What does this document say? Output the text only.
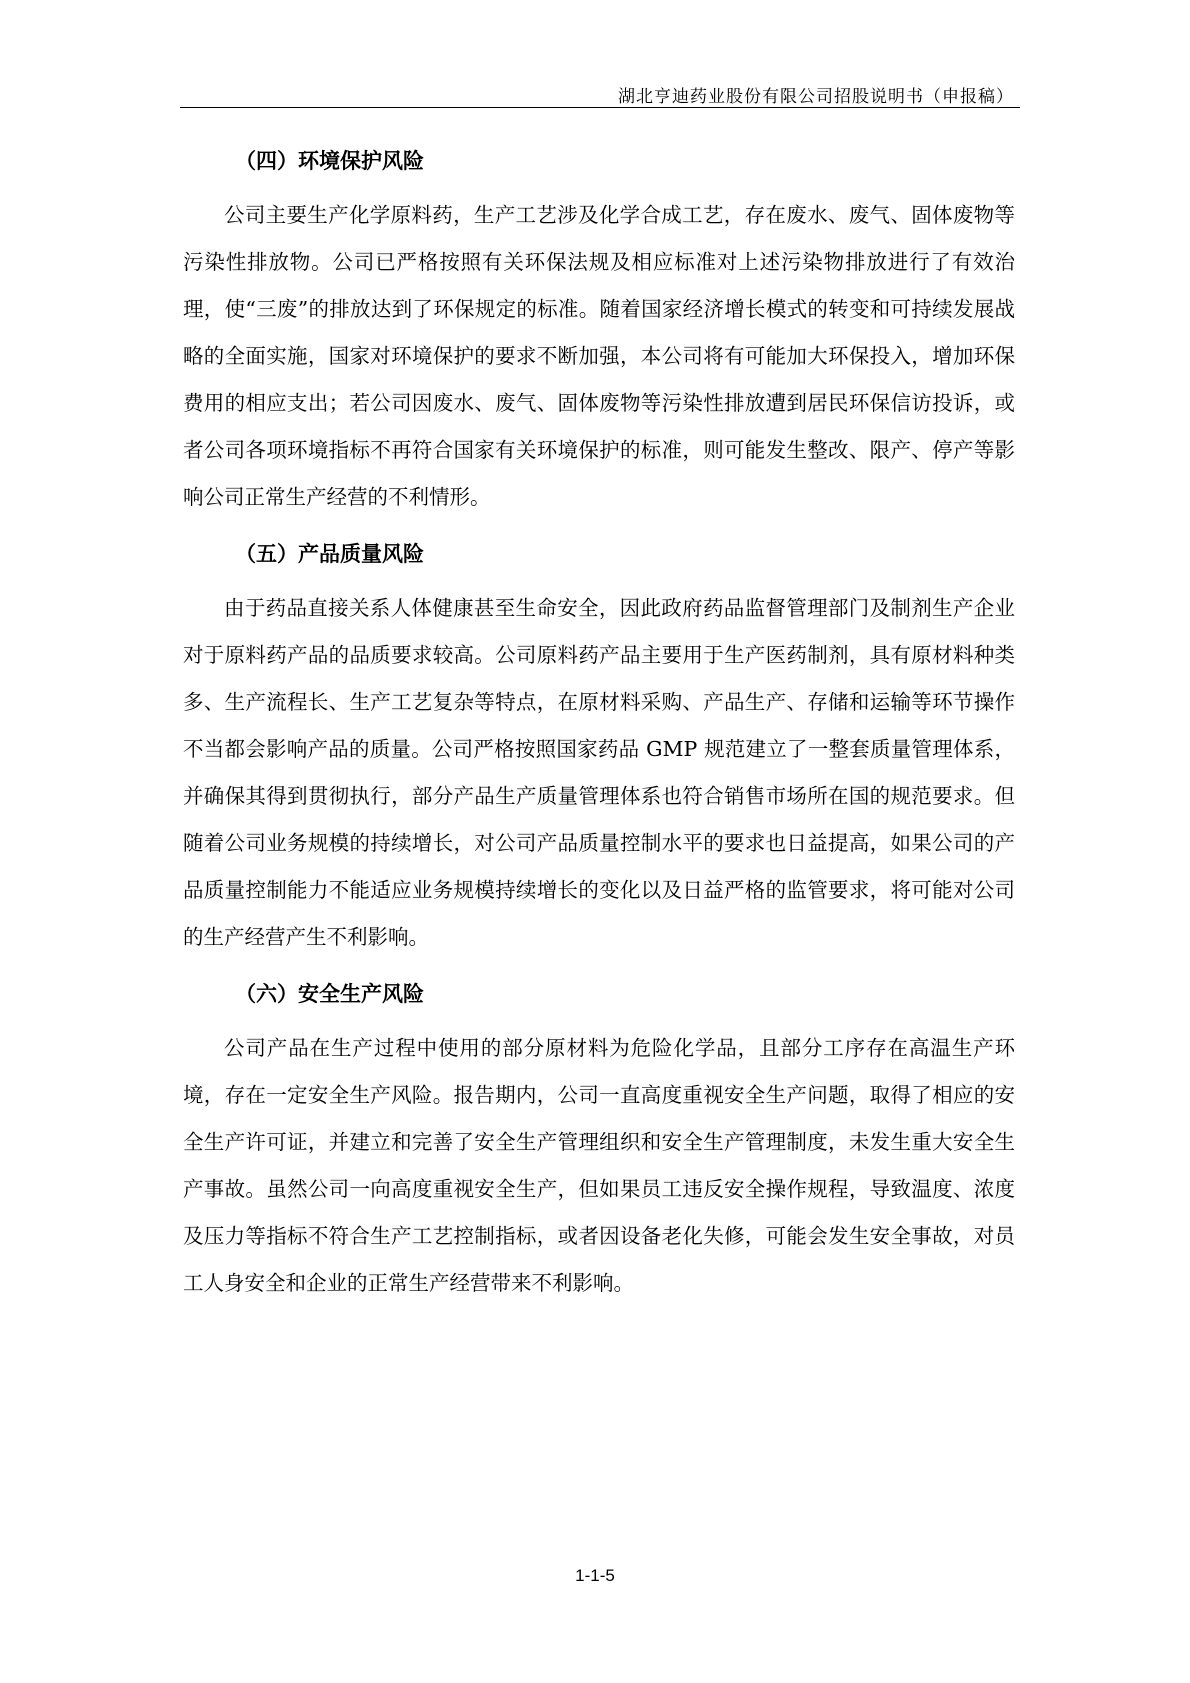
湖北亨迪药业股份有限公司招股说明书（申报稿）
（四）环境保护风险

公司主要生产化学原料药，生产工艺涉及化学合成工艺，存在废水、废气、固体废物等污染性排放物。公司已严格按照有关环保法规及相应标准对上述污染物排放进行了有效治理，使“三废”的排放达到了环保规定的标准。随着国家经济增长模式的转变和可持续发展战略的全面实施，国家对环境保护的要求不断加强，本公司将有可能加大环保投入，增加环保费用的相应支出；若公司因废水、废气、固体废物等污染性排放遭到居民环保信访投诉，或者公司各项环境指标不再符合国家有关环境保护的标准，则可能发生整改、限产、停产等影响公司正常生产经营的不利情形。

（五）产品质量风险

由于药品直接关系人体健康甚至生命安全，因此政府药品监督管理部门及制剂生产企业对于原料药产品的品质要求较高。公司原料药产品主要用于生产医药制剂，具有原材料种类多、生产流程长、生产工艺复杂等特点，在原材料采购、产品生产、存储和运输等环节操作不当都会影响产品的质量。公司严格按照国家药品 GMP 规范建立了一整套质量管理体系，并确保其得到贯彻执行，部分产品生产质量管理体系也符合销售市场所在国的规范要求。但随着公司业务规模的持续增长，对公司产品质量控制水平的要求也日益提高，如果公司的产品质量控制能力不能适应业务规模持续增长的变化以及日益严格的监管要求，将可能对公司的生产经营产生不利影响。

（六）安全生产风险

公司产品在生产过程中使用的部分原材料为危险化学品，且部分工序存在高温生产环境，存在一定安全生产风险。报告期内，公司一直高度重视安全生产问题，取得了相应的安全生产许可证，并建立和完善了安全生产管理组织和安全生产管理制度，未发生重大安全生产事故。虽然公司一向高度重视安全生产，但如果员工违反安全操作规程，导致温度、浓度及压力等指标不符合生产工艺控制指标，或者因设备老化失修，可能会发生安全事故，对员工人身安全和企业的正常生产经营带来不利影响。

1-1-5
